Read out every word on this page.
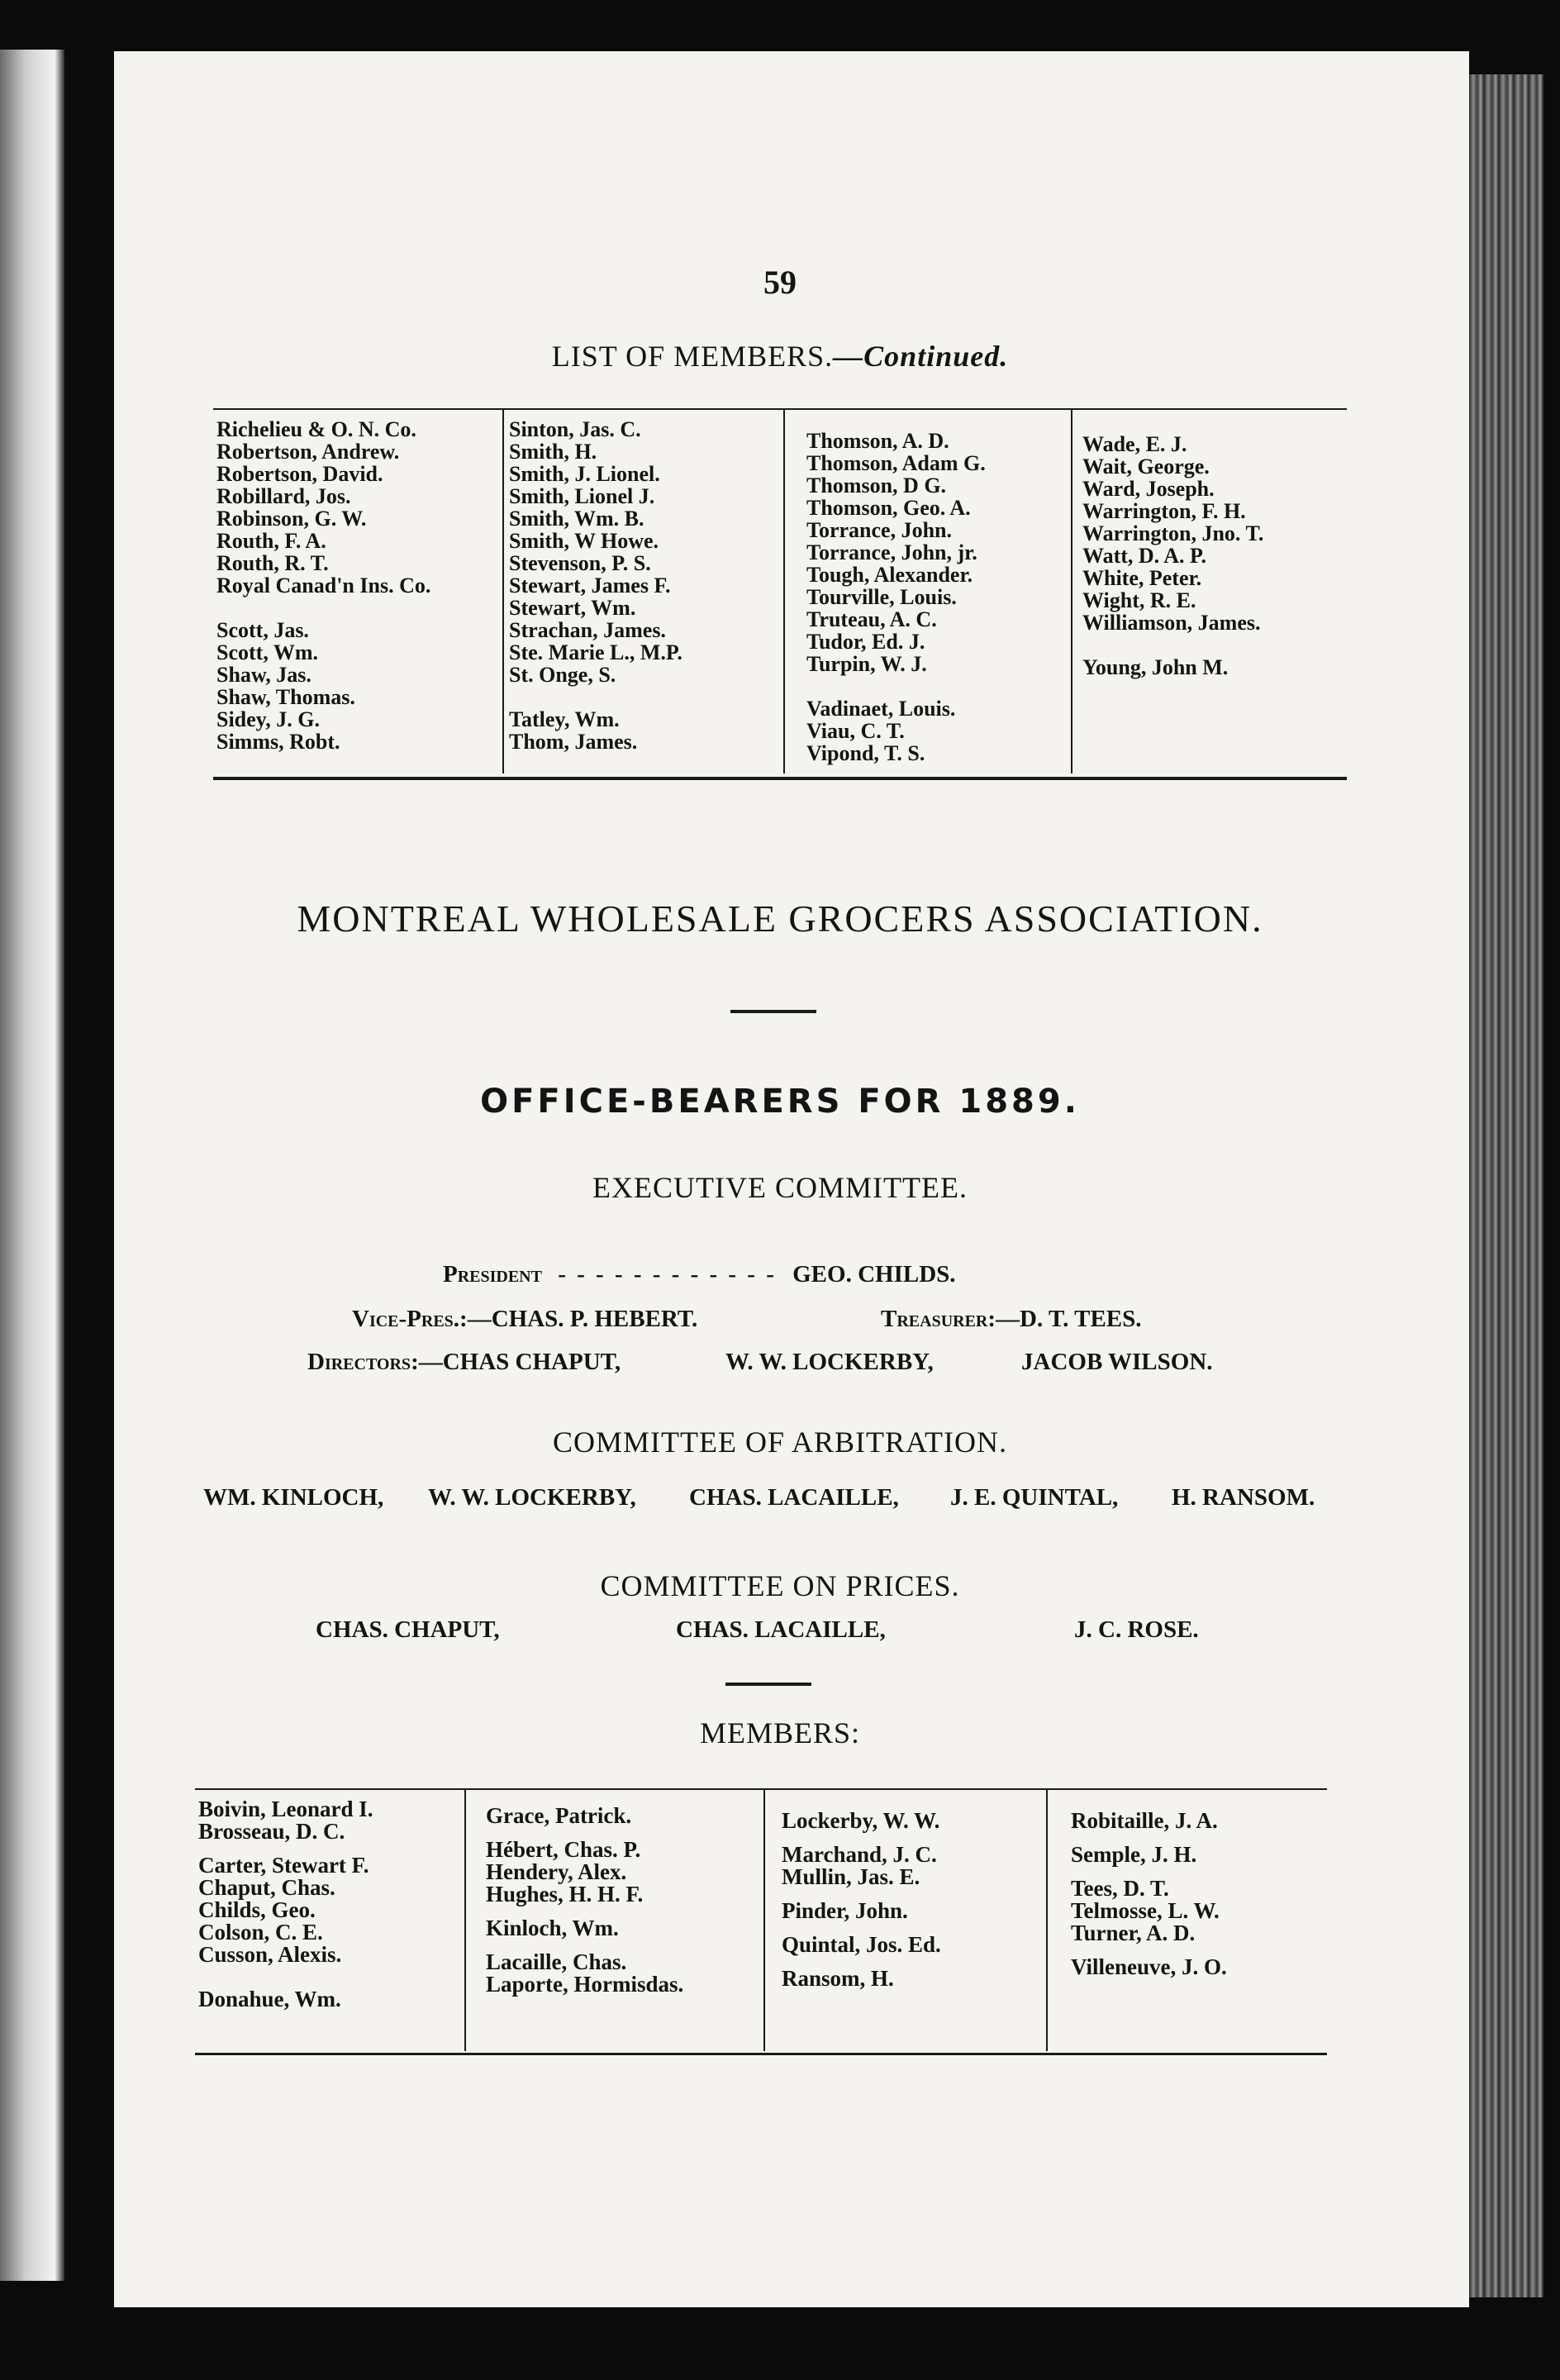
59
LIST OF MEMBERS.—Continued.
Richelieu & O. N. Co.
Robertson, Andrew.
Robertson, David.
Robillard, Jos.
Robinson, G. W.
Routh, F. A.
Routh, R. T.
Royal Canad'n Ins. Co.
Scott, Jas.
Scott, Wm.
Shaw, Jas.
Shaw, Thomas.
Sidey, J. G.
Simms, Robt.
Sinton, Jas. C.
Smith, H.
Smith, J. Lionel.
Smith, Lionel J.
Smith, Wm. B.
Smith, W Howe.
Stevenson, P. S.
Stewart, James F.
Stewart, Wm.
Strachan, James.
Ste. Marie L., M.P.
St. Onge, S.
Tatley, Wm.
Thom, James.
Thomson, A. D.
Thomson, Adam G.
Thomson, D G.
Thomson, Geo. A.
Torrance, John.
Torrance, John, jr.
Tough, Alexander.
Tourville, Louis.
Truteau, A. C.
Tudor, Ed. J.
Turpin, W. J.
Vadinaet, Louis.
Viau, C. T.
Vipond, T. S.
Wade, E. J.
Wait, George.
Ward, Joseph.
Warrington, F. H.
Warrington, Jno. T.
Watt, D. A. P.
White, Peter.
Wight, R. E.
Williamson, James.
Young, John M.
MONTREAL WHOLESALE GROCERS ASSOCIATION.
OFFICE-BEARERS FOR 1889.
EXECUTIVE COMMITTEE.
President - - - - - - - - - - - - GEO. CHILDS.
Vice-Pres.:—CHAS. P. HEBERT.	Treasurer:—D. T. TEES.
Directors:—CHAS CHAPUT,	W. W. LOCKERBY,	JACOB WILSON.
COMMITTEE OF ARBITRATION.
WM. KINLOCH, W. W. LOCKERBY, CHAS. LACAILLE, J. E. QUINTAL, H. RANSOM.
COMMITTEE ON PRICES.
CHAS. CHAPUT,	CHAS. LACAILLE,	J. C. ROSE.
MEMBERS:
Boivin, Leonard I.
Brosseau, D. C.
Carter, Stewart F.
Chaput, Chas.
Childs, Geo.
Colson, C. E.
Cusson, Alexis.
Donahue, Wm.
Grace, Patrick.
Hébert, Chas. P.
Hendery, Alex.
Hughes, H. H. F.
Kinloch, Wm.
Lacaille, Chas.
Laporte, Hormisdas.
Lockerby, W. W.
Marchand, J. C.
Mullin, Jas. E.
Pinder, John.
Quintal, Jos. Ed.
Ransom, H.
Robitaille, J. A.
Semple, J. H.
Tees, D. T.
Telmosse, L. W.
Turner, A. D.
Villeneuve, J. O.
